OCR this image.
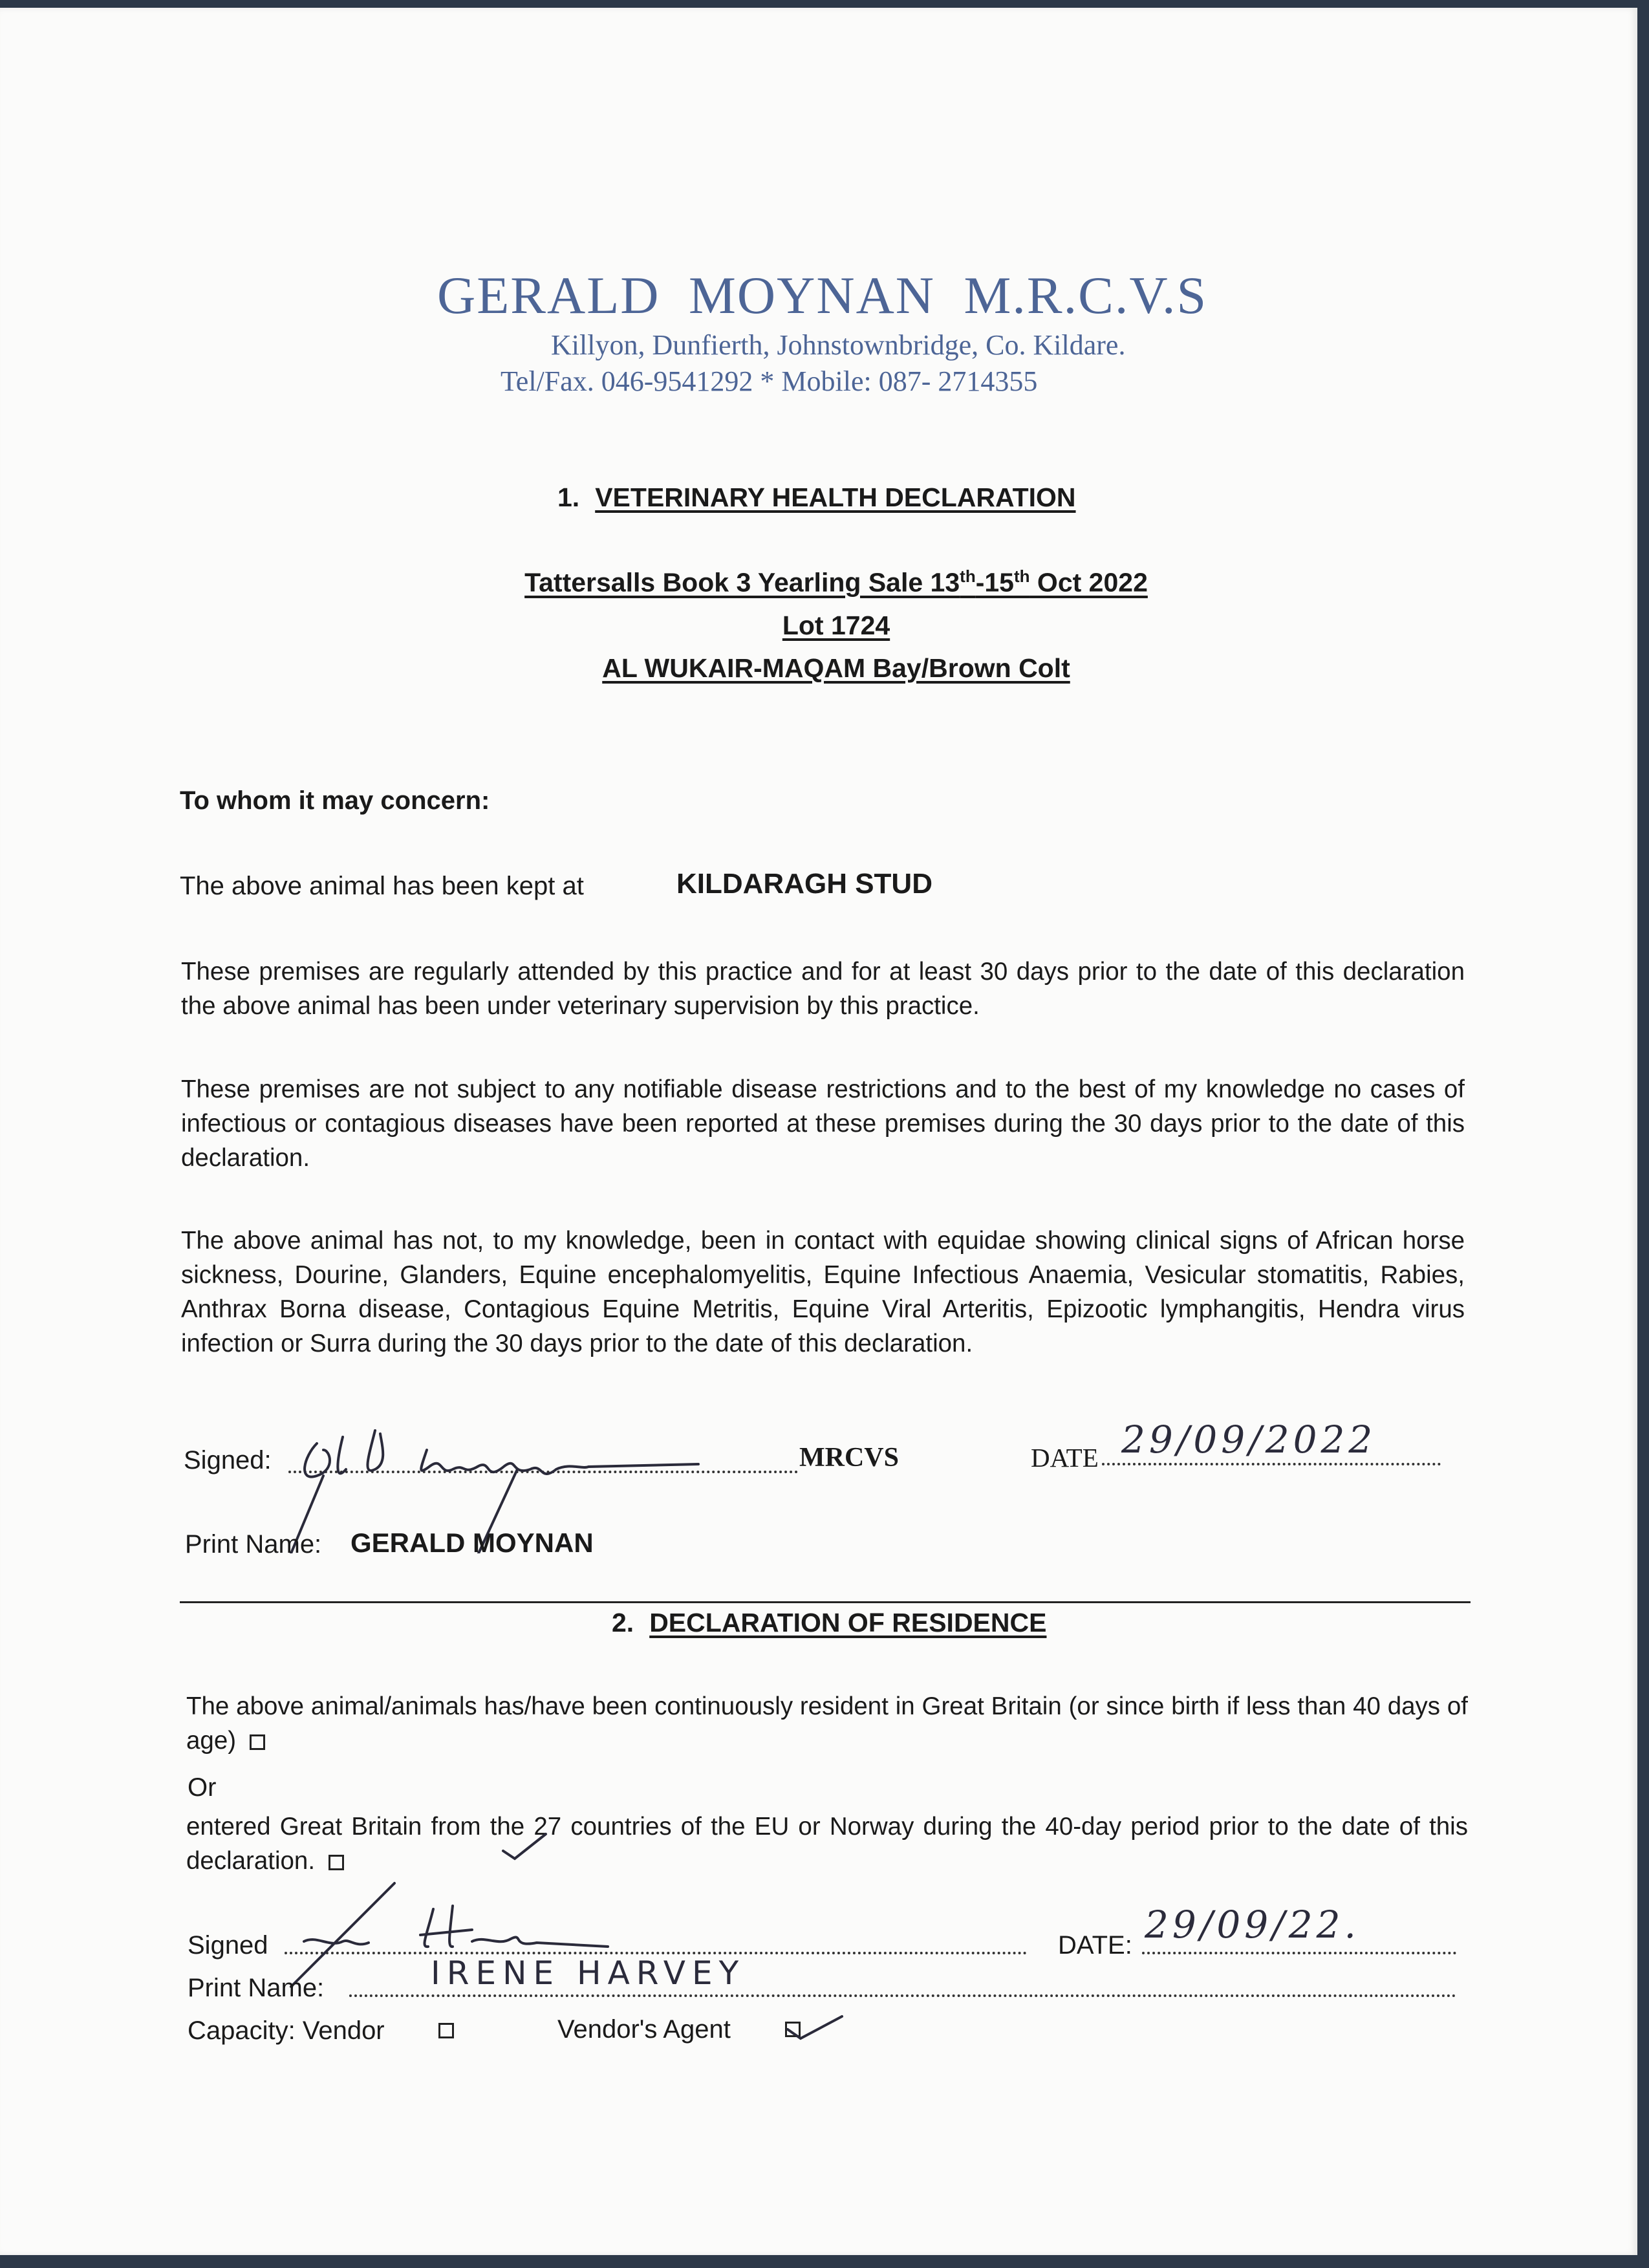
GERALD MOYNAN M.R.C.V.S
Killyon, Dunfierth, Johnstownbridge, Co. Kildare.
Tel/Fax. 046-9541292 * Mobile: 087- 2714355
1. VETERINARY HEALTH DECLARATION
Tattersalls Book 3 Yearling Sale 13th-15th Oct 2022
Lot 1724
AL WUKAIR-MAQAM Bay/Brown Colt
To whom it may concern:
The above animal has been kept at	KILDARAGH STUD

These premises are regularly attended by this practice and for at least 30 days prior to the date of this declaration the above animal has been under veterinary supervision by this practice.

These premises are not subject to any notifiable disease restrictions and to the best of my knowledge no cases of infectious or contagious diseases have been reported at these premises during the 30 days prior to the date of this declaration.

The above animal has not, to my knowledge, been in contact with equidae showing clinical signs of African horse sickness, Dourine, Glanders, Equine encephalomyelitis, Equine Infectious Anaemia, Vesicular stomatitis, Rabies, Anthrax Borna disease, Contagious Equine Metritis, Equine Viral Arteritis, Epizootic lymphangitis, Hendra virus infection or Surra during the 30 days prior to the date of this declaration.

Signed:	MRCVS	DATE 29/09/2022
Print Name: GERALD MOYNAN
2. DECLARATION OF RESIDENCE
The above animal/animals has/have been continuously resident in Great Britain (or since birth if less than 40 days of age)
Or
entered Great Britain from the 27 countries of the EU or Norway during the 40-day period prior to the date of this declaration.
Signed	DATE: 29/09/22.
Print Name:	IRENE HARVEY
Capacity: Vendor	Vendor's Agent
